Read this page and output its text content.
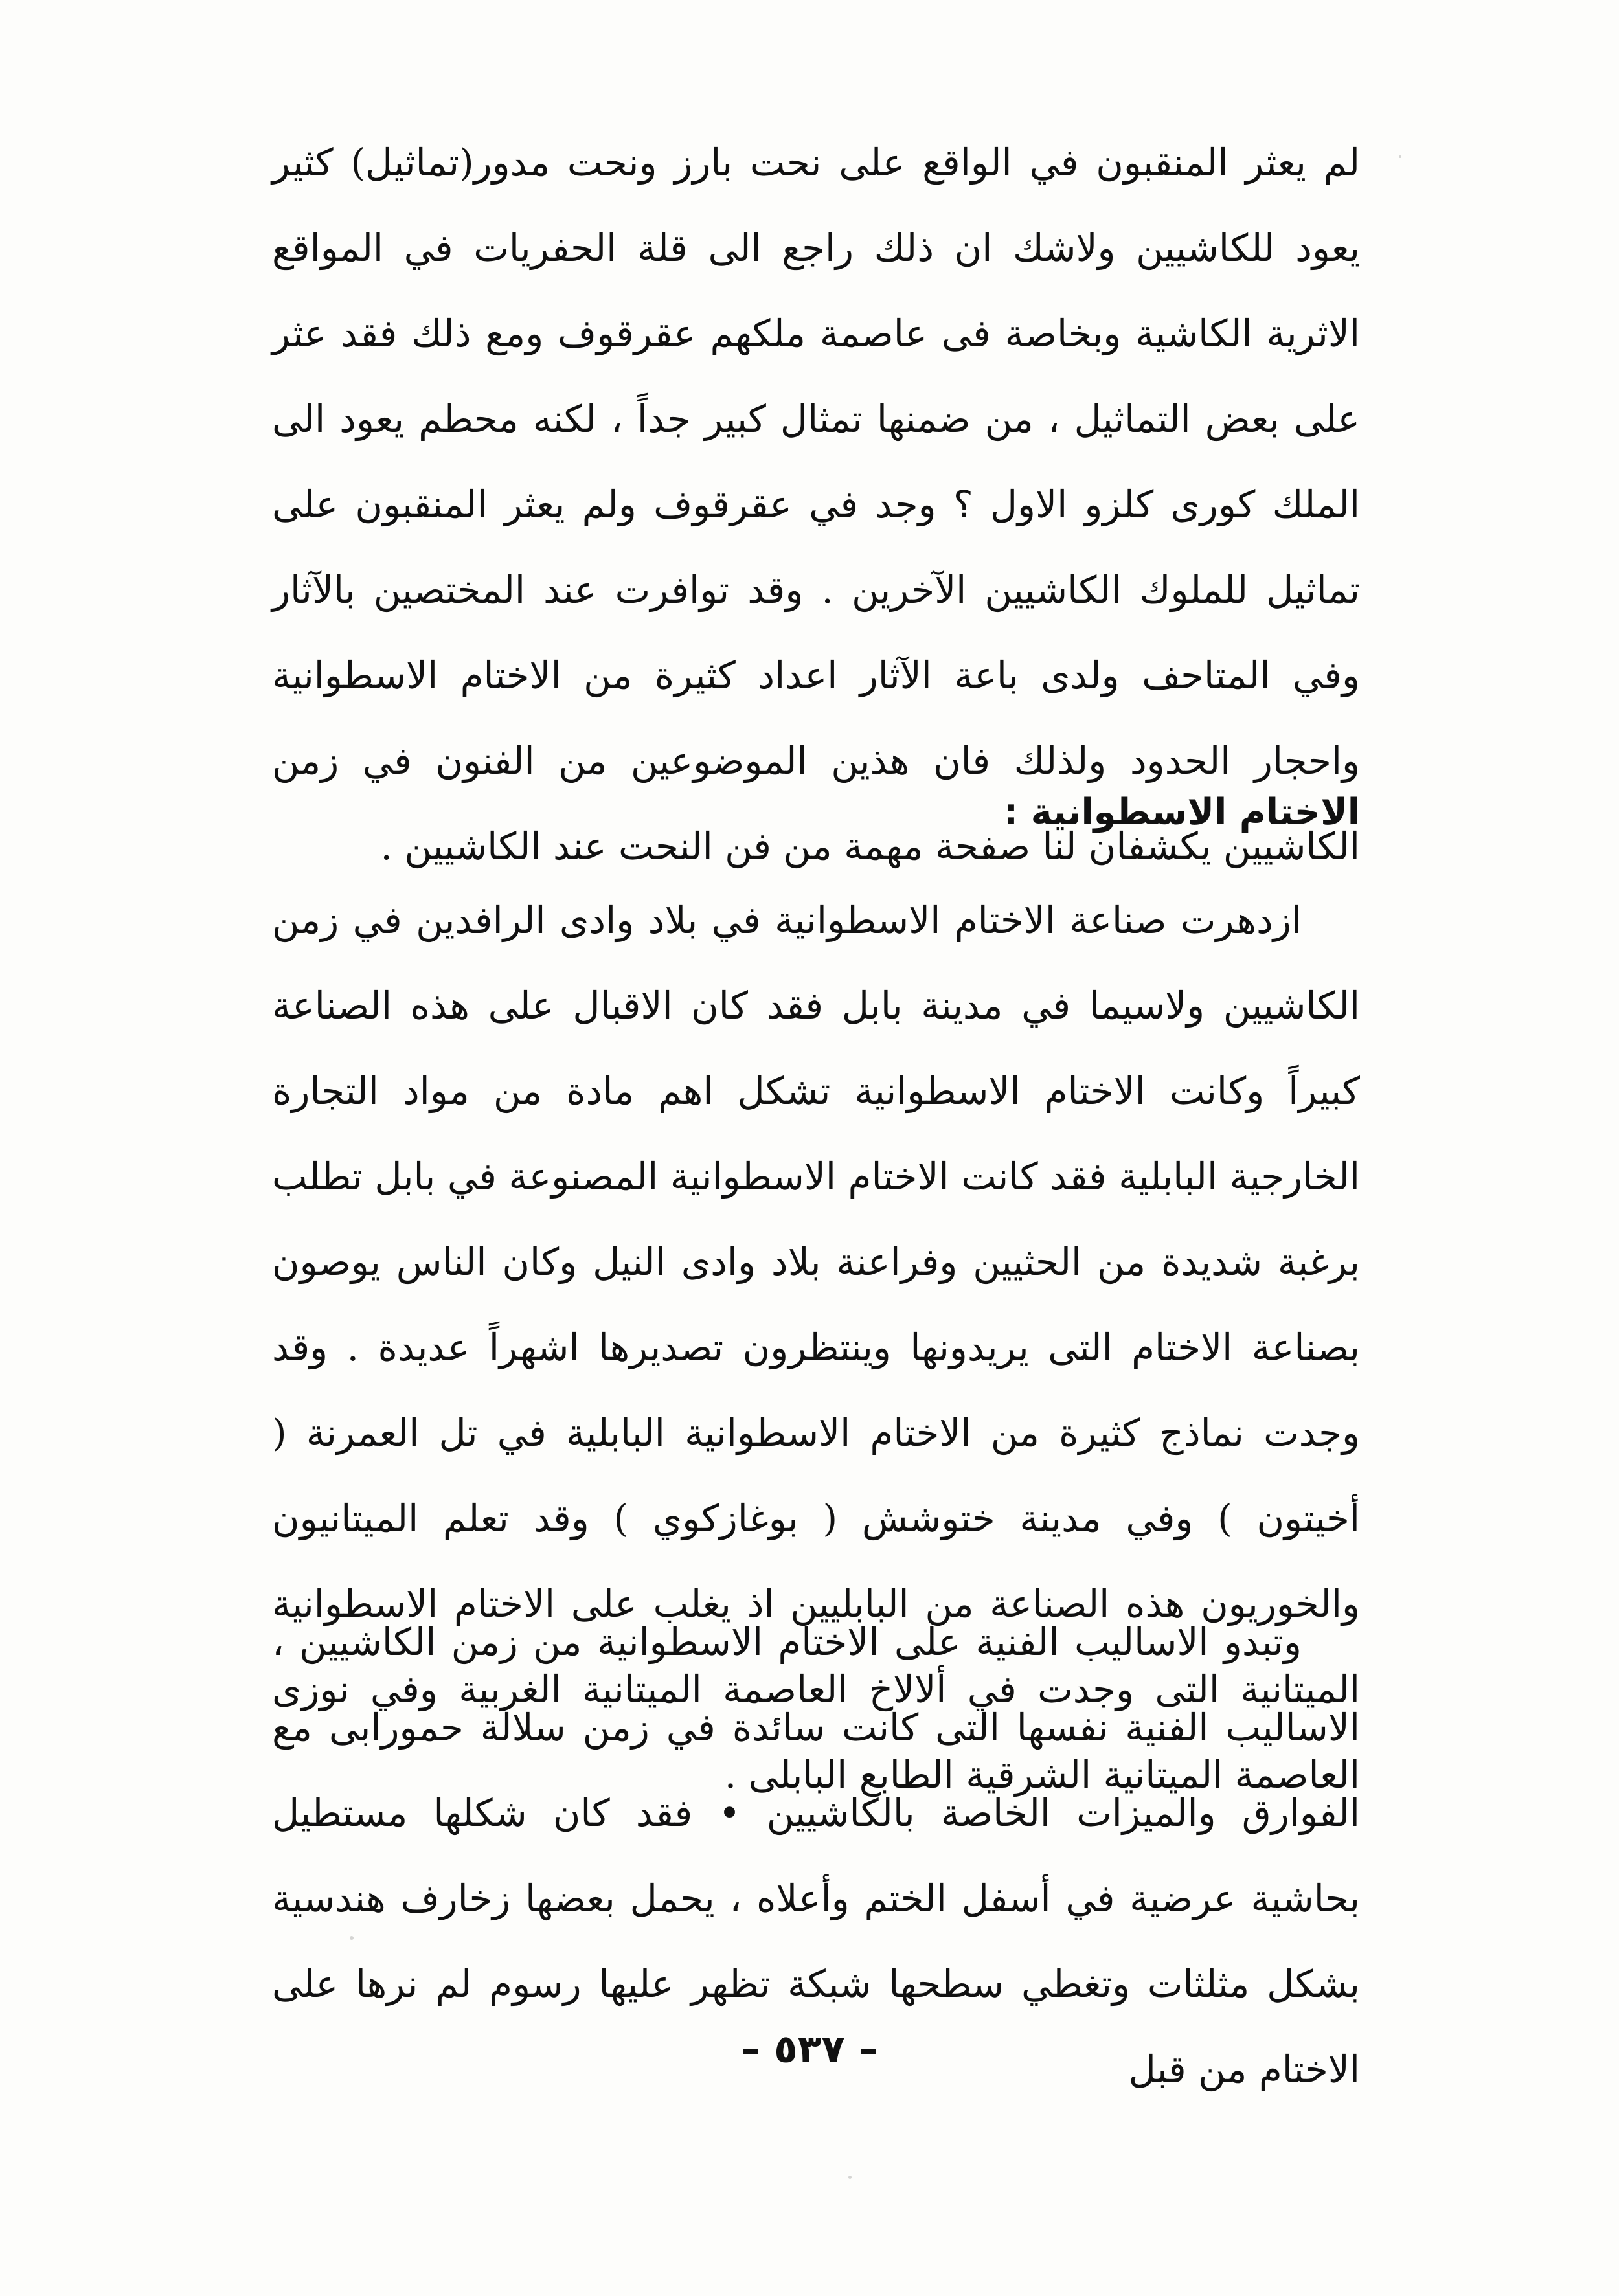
لم يعثر المنقبون في الواقع على نحت بارز ونحت مدور(تماثيل) كثير يعود للكاشيين ولاشك ان ذلك راجع الى قلة الحفريات في المواقع الاثرية الكاشية وبخاصة فى عاصمة ملكهم عقرقوف ومع ذلك فقد عثر على بعض التماثيل ، من ضمنها تمثال كبير جداً ، لكنه محطم يعود الى الملك كورى كلزو الاول ؟ وجد في عقرقوف ولم يعثر المنقبون على تماثيل للملوك الكاشيين الآخرين . وقد توافرت عند المختصين بالآثار وفي المتاحف ولدى باعة الآثار اعداد كثيرة من الاختام الاسطوانية واحجار الحدود ولذلك فان هذين الموضوعين من الفنون في زمن الكاشيين يكشفان لنا صفحة مهمة من فن النحت عند الكاشيين .

الاختام الاسطوانية :

ازدهرت صناعة الاختام الاسطوانية في بلاد وادى الرافدين في زمن الكاشيين ولاسيما في مدينة بابل فقد كان الاقبال على هذه الصناعة كبيراً وكانت الاختام الاسطوانية تشكل اهم مادة من مواد التجارة الخارجية البابلية فقد كانت الاختام الاسطوانية المصنوعة في بابل تطلب برغبة شديدة من الحثيين وفراعنة بلاد وادى النيل وكان الناس يوصون بصناعة الاختام التى يريدونها وينتظرون تصديرها اشهراً عديدة . وقد وجدت نماذج كثيرة من الاختام الاسطوانية البابلية في تل العمرنة ( أخيتون ) وفي مدينة ختوشش ( بوغازكوي ) وقد تعلم الميتانيون والخوريون هذه الصناعة من البابليين اذ يغلب على الاختام الاسطوانية الميتانية التى وجدت في ألالاخ العاصمة الميتانية الغربية وفي نوزى العاصمة الميتانية الشرقية الطابع البابلى .

وتبدو الاساليب الفنية على الاختام الاسطوانية من زمن الكاشيين ، الاساليب الفنية نفسها التى كانت سائدة في زمن سلالة حمورابى مع الفوارق والميزات الخاصة بالكاشيين • فقد كان شكلها مستطيل بحاشية عرضية في أسفل الختم وأعلاه ، يحمل بعضها زخارف هندسية بشكل مثلثات وتغطي سطحها شبكة تظهر عليها رسوم لم نرها على الاختام من قبل

– ٥٣٧ –
